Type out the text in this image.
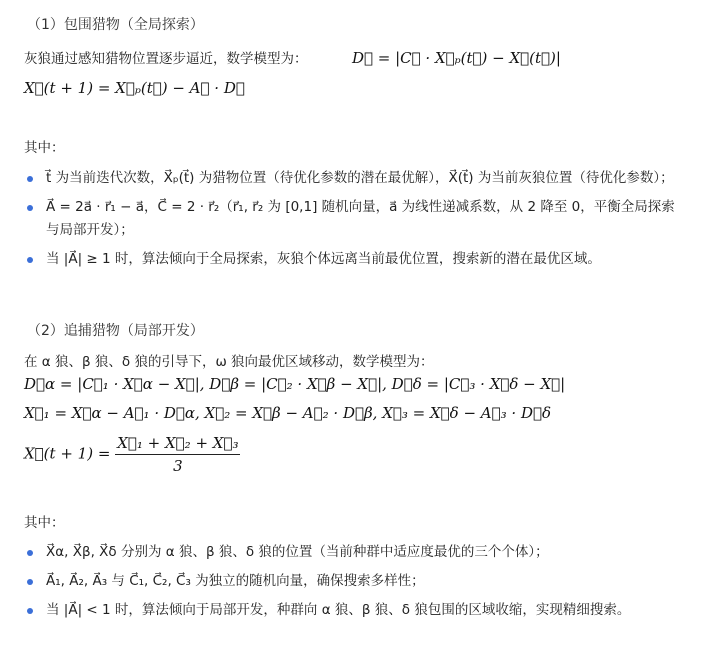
（1）包围猎物（全局探索）
灰狼通过感知猎物位置逐步逼近，数学模型为：	D⃗ = |C⃗ · X⃗ₚ(t⃗) − X⃗(t⃗)|
X⃗(t + 1) = X⃗ₚ(t⃗) − A⃗ · D⃗
其中：
t⃗ 为当前迭代次数，X⃗ₚ(t⃗) 为猎物位置（待优化参数的潜在最优解），X⃗(t⃗) 为当前灰狼位置（待优化参数）；
A⃗ = 2a⃗ · r⃗₁ − a⃗，C⃗ = 2 · r⃗₂（r⃗₁, r⃗₂ 为 [0,1] 随机向量，a⃗ 为线性递减系数，从 2 降至 0，平衡全局探索与局部开发）；
当 |A⃗| ≥ 1 时，算法倾向于全局探索，灰狼个体远离当前最优位置，搜索新的潜在最优区域。
（2）追捕猎物（局部开发）
在 α 狼、β 狼、δ 狼的引导下，ω 狼向最优区域移动，数学模型为：
D⃗α = |C⃗₁ · X⃗α − X⃗|, D⃗β = |C⃗₂ · X⃗β − X⃗|, D⃗δ = |C⃗₃ · X⃗δ − X⃗|
X⃗₁ = X⃗α − A⃗₁ · D⃗α, X⃗₂ = X⃗β − A⃗₂ · D⃗β, X⃗₃ = X⃗δ − A⃗₃ · D⃗δ
X⃗(t + $1) = \frac{\text{X⃗₁ + X⃗₂ + X⃗₃}}{3}$
其中：
X⃗α, X⃗β, X⃗δ 分别为 α 狼、β 狼、δ 狼的位置（当前种群中适应度最优的三个个体）；
A⃗₁, A⃗₂, A⃗₃ 与 C⃗₁, C⃗₂, C⃗₃ 为独立的随机向量，确保搜索多样性；
当 |A⃗| < 1 时，算法倾向于局部开发，种群向 α 狼、β 狼、δ 狼包围的区域收缩，实现精细搜索。
